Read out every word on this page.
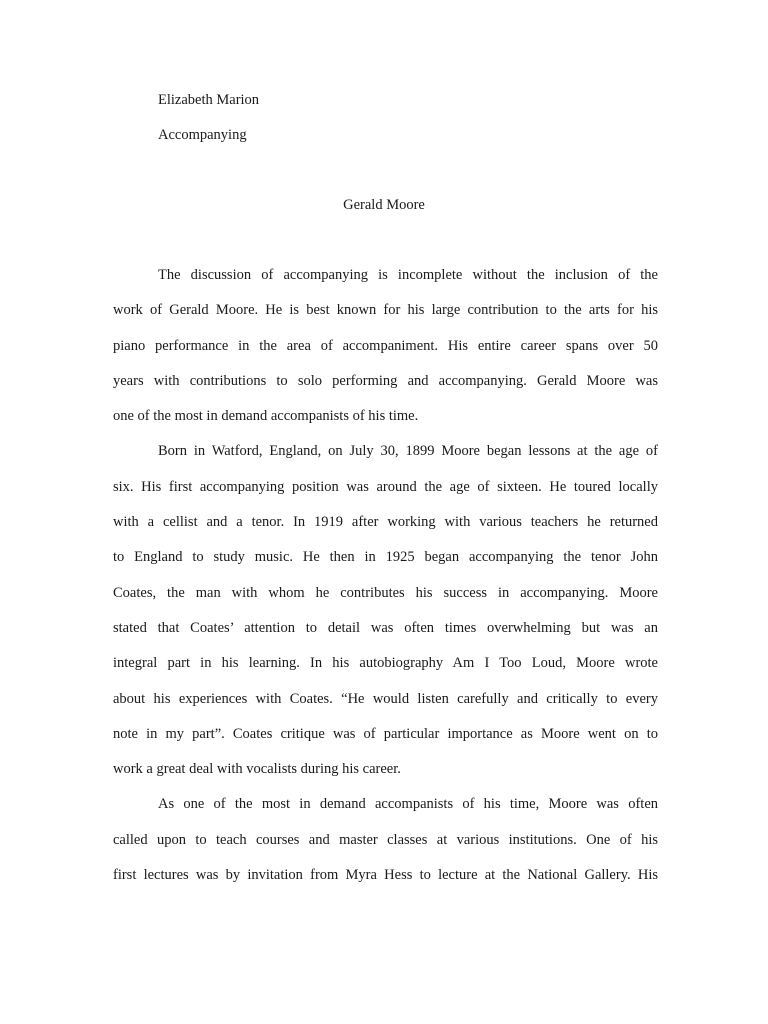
Elizabeth Marion
Accompanying
Gerald Moore
The discussion of accompanying is incomplete without the inclusion of the
work of Gerald Moore. He is best known for his large contribution to the arts for his
piano performance in the area of accompaniment. His entire career spans over 50
years with contributions to solo performing and accompanying. Gerald Moore was
one of the most in demand accompanists of his time.
Born in Watford, England, on July 30, 1899 Moore began lessons at the age of
six. His first accompanying position was around the age of sixteen. He toured locally
with a cellist and a tenor. In 1919 after working with various teachers he returned
to England to study music. He then in 1925 began accompanying the tenor John
Coates, the man with whom he contributes his success in accompanying. Moore
stated that Coates’ attention to detail was often times overwhelming but was an
integral part in his learning. In his autobiography Am I Too Loud, Moore wrote
about his experiences with Coates. “He would listen carefully and critically to every
note in my part”. Coates critique was of particular importance as Moore went on to
work a great deal with vocalists during his career.
As one of the most in demand accompanists of his time, Moore was often
called upon to teach courses and master classes at various institutions. One of his
first lectures was by invitation from Myra Hess to lecture at the National Gallery. His
